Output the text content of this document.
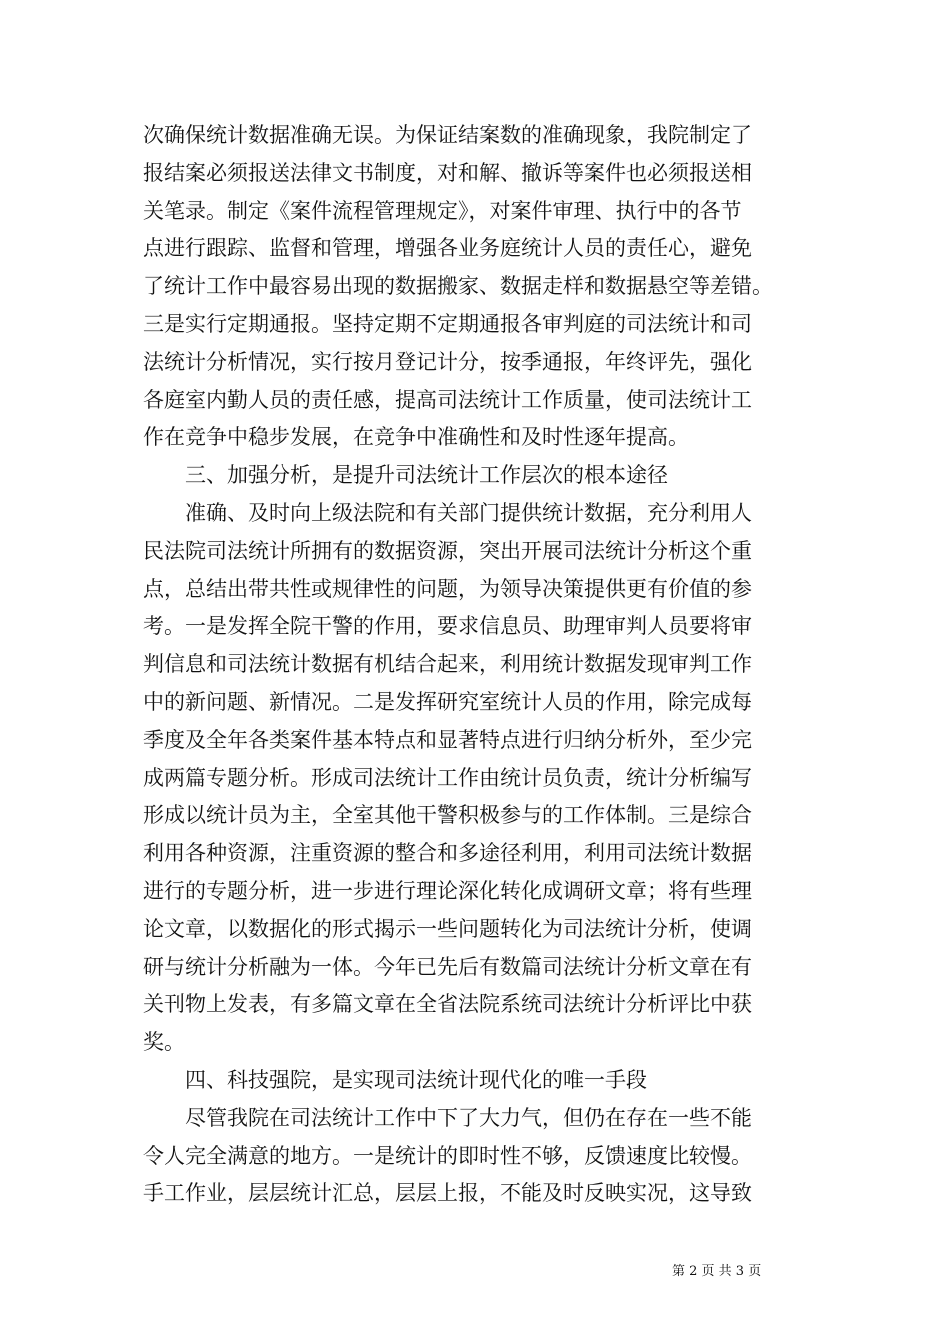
次确保统计数据准确无误。为保证结案数的准确现象，我院制定了
报结案必须报送法律文书制度，对和解、撤诉等案件也必须报送相
关笔录。制定《案件流程管理规定》，对案件审理、执行中的各节
点进行跟踪、监督和管理，增强各业务庭统计人员的责任心，避免
了统计工作中最容易出现的数据搬家、数据走样和数据悬空等差错。
三是实行定期通报。坚持定期不定期通报各审判庭的司法统计和司
法统计分析情况，实行按月登记计分，按季通报，年终评先，强化
各庭室内勤人员的责任感，提高司法统计工作质量，使司法统计工
作在竞争中稳步发展，在竞争中准确性和及时性逐年提高。
三、加强分析，是提升司法统计工作层次的根本途径
准确、及时向上级法院和有关部门提供统计数据，充分利用人
民法院司法统计所拥有的数据资源，突出开展司法统计分析这个重
点，总结出带共性或规律性的问题，为领导决策提供更有价值的参
考。一是发挥全院干警的作用，要求信息员、助理审判人员要将审
判信息和司法统计数据有机结合起来，利用统计数据发现审判工作
中的新问题、新情况。二是发挥研究室统计人员的作用，除完成每
季度及全年各类案件基本特点和显著特点进行归纳分析外，至少完
成两篇专题分析。形成司法统计工作由统计员负责，统计分析编写
形成以统计员为主，全室其他干警积极参与的工作体制。三是综合
利用各种资源，注重资源的整合和多途径利用，利用司法统计数据
进行的专题分析，进一步进行理论深化转化成调研文章；将有些理
论文章，以数据化的形式揭示一些问题转化为司法统计分析，使调
研与统计分析融为一体。今年已先后有数篇司法统计分析文章在有
关刊物上发表，有多篇文章在全省法院系统司法统计分析评比中获
奖。
四、科技强院，是实现司法统计现代化的唯一手段
尽管我院在司法统计工作中下了大力气，但仍在存在一些不能
令人完全满意的地方。一是统计的即时性不够，反馈速度比较慢。
手工作业，层层统计汇总，层层上报，不能及时反映实况，这导致
第 2 页 共 3 页
